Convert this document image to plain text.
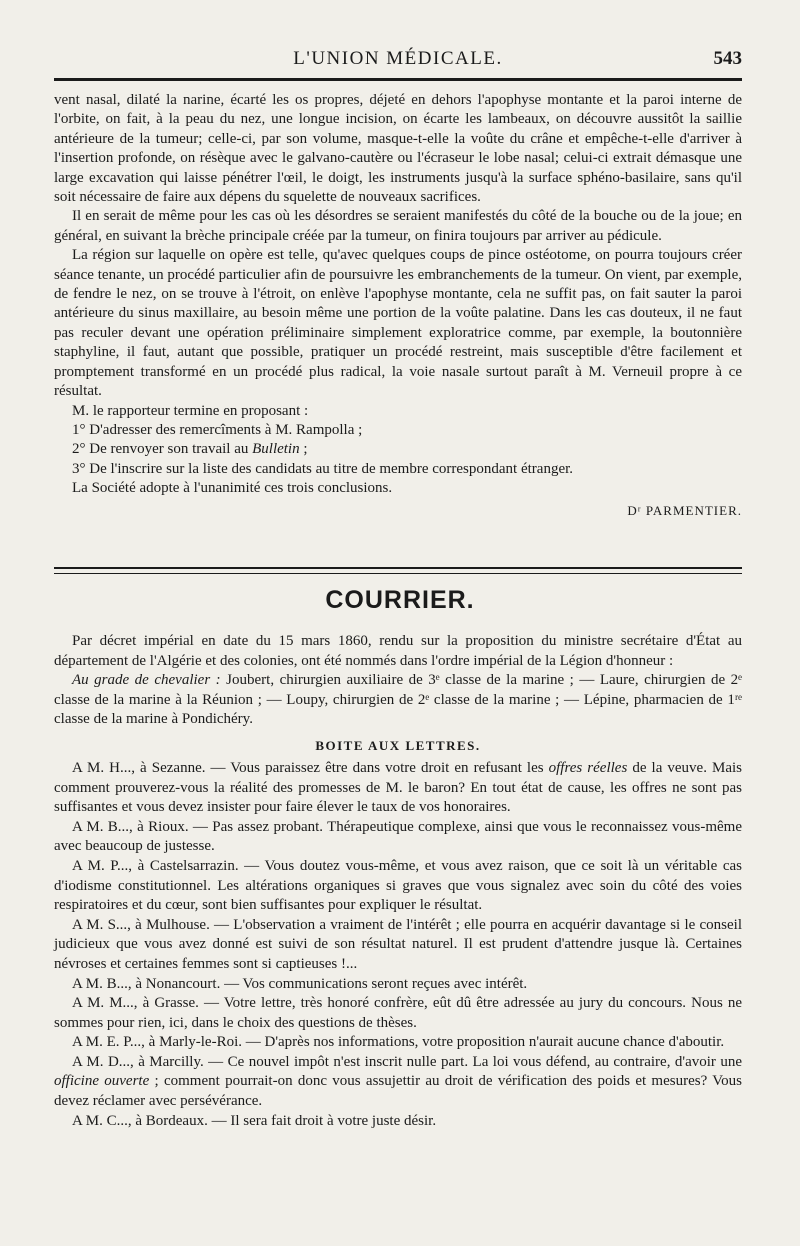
L'UNION MÉDICALE.	543

vent nasal, dilaté la narine, écarté les os propres, déjeté en dehors l'apophyse montante et la paroi interne de l'orbite, on fait, à la peau du nez, une longue incision, on écarte les lambeaux, on découvre aussitôt la saillie antérieure de la tumeur; celle-ci, par son volume, masque-t-elle la voûte du crâne et empêche-t-elle d'arriver à l'insertion profonde, on résèque avec le galvano-cautère ou l'écraseur le lobe nasal; celui-ci extrait démasque une large excavation qui laisse pénétrer l'œil, le doigt, les instruments jusqu'à la surface sphéno-basilaire, sans qu'il soit nécessaire de faire aux dépens du squelette de nouveaux sacrifices.

Il en serait de même pour les cas où les désordres se seraient manifestés du côté de la bouche ou de la joue; en général, en suivant la brèche principale créée par la tumeur, on finira toujours par arriver au pédicule.

La région sur laquelle on opère est telle, qu'avec quelques coups de pince ostéotome, on pourra toujours créer séance tenante, un procédé particulier afin de poursuivre les embranchements de la tumeur. On vient, par exemple, de fendre le nez, on se trouve à l'étroit, on enlève l'apophyse montante, cela ne suffit pas, on fait sauter la paroi antérieure du sinus maxillaire, au besoin même une portion de la voûte palatine. Dans les cas douteux, il ne faut pas reculer devant une opération préliminaire simplement exploratrice comme, par exemple, la boutonnière staphyline, il faut, autant que possible, pratiquer un procédé restreint, mais susceptible d'être facilement et promptement transformé en un procédé plus radical, la voie nasale surtout paraît à M. Verneuil propre à ce résultat.

M. le rapporteur termine en proposant :

1° D'adresser des remercîments à M. Rampolla ;

2° De renvoyer son travail au Bulletin ;

3° De l'inscrire sur la liste des candidats au titre de membre correspondant étranger.

La Société adopte à l'unanimité ces trois conclusions.

Dʳ PARMENTIER.
COURRIER.

Par décret impérial en date du 15 mars 1860, rendu sur la proposition du ministre secrétaire d'État au département de l'Algérie et des colonies, ont été nommés dans l'ordre impérial de la Légion d'honneur :

Au grade de chevalier : Joubert, chirurgien auxiliaire de 3ᵉ classe de la marine ; — Laure, chirurgien de 2ᵉ classe de la marine à la Réunion ; — Loupy, chirurgien de 2ᵉ classe de la marine ; — Lépine, pharmacien de 1ʳᵉ classe de la marine à Pondichéry.

BOITE AUX LETTRES.

A M. H..., à Sezanne. — Vous paraissez être dans votre droit en refusant les offres réelles de la veuve. Mais comment prouverez-vous la réalité des promesses de M. le baron? En tout état de cause, les offres ne sont pas suffisantes et vous devez insister pour faire élever le taux de vos honoraires.

A M. B..., à Rioux. — Pas assez probant. Thérapeutique complexe, ainsi que vous le reconnaissez vous-même avec beaucoup de justesse.

A M. P..., à Castelsarrazin. — Vous doutez vous-même, et vous avez raison, que ce soit là un véritable cas d'iodisme constitutionnel. Les altérations organiques si graves que vous signalez avec soin du côté des voies respiratoires et du cœur, sont bien suffisantes pour expliquer le résultat.

A M. S..., à Mulhouse. — L'observation a vraiment de l'intérêt ; elle pourra en acquérir davantage si le conseil judicieux que vous avez donné est suivi de son résultat naturel. Il est prudent d'attendre jusque là. Certaines névroses et certaines femmes sont si captieuses !...

A M. B..., à Nonancourt. — Vos communications seront reçues avec intérêt.

A M. M..., à Grasse. — Votre lettre, très honoré confrère, eût dû être adressée au jury du concours. Nous ne sommes pour rien, ici, dans le choix des questions de thèses.

A M. E. P..., à Marly-le-Roi. — D'après nos informations, votre proposition n'aurait aucune chance d'aboutir.

A M. D..., à Marcilly. — Ce nouvel impôt n'est inscrit nulle part. La loi vous défend, au contraire, d'avoir une officine ouverte ; comment pourrait-on donc vous assujettir au droit de vérification des poids et mesures? Vous devez réclamer avec persévérance.

A M. C..., à Bordeaux. — Il sera fait droit à votre juste désir.
